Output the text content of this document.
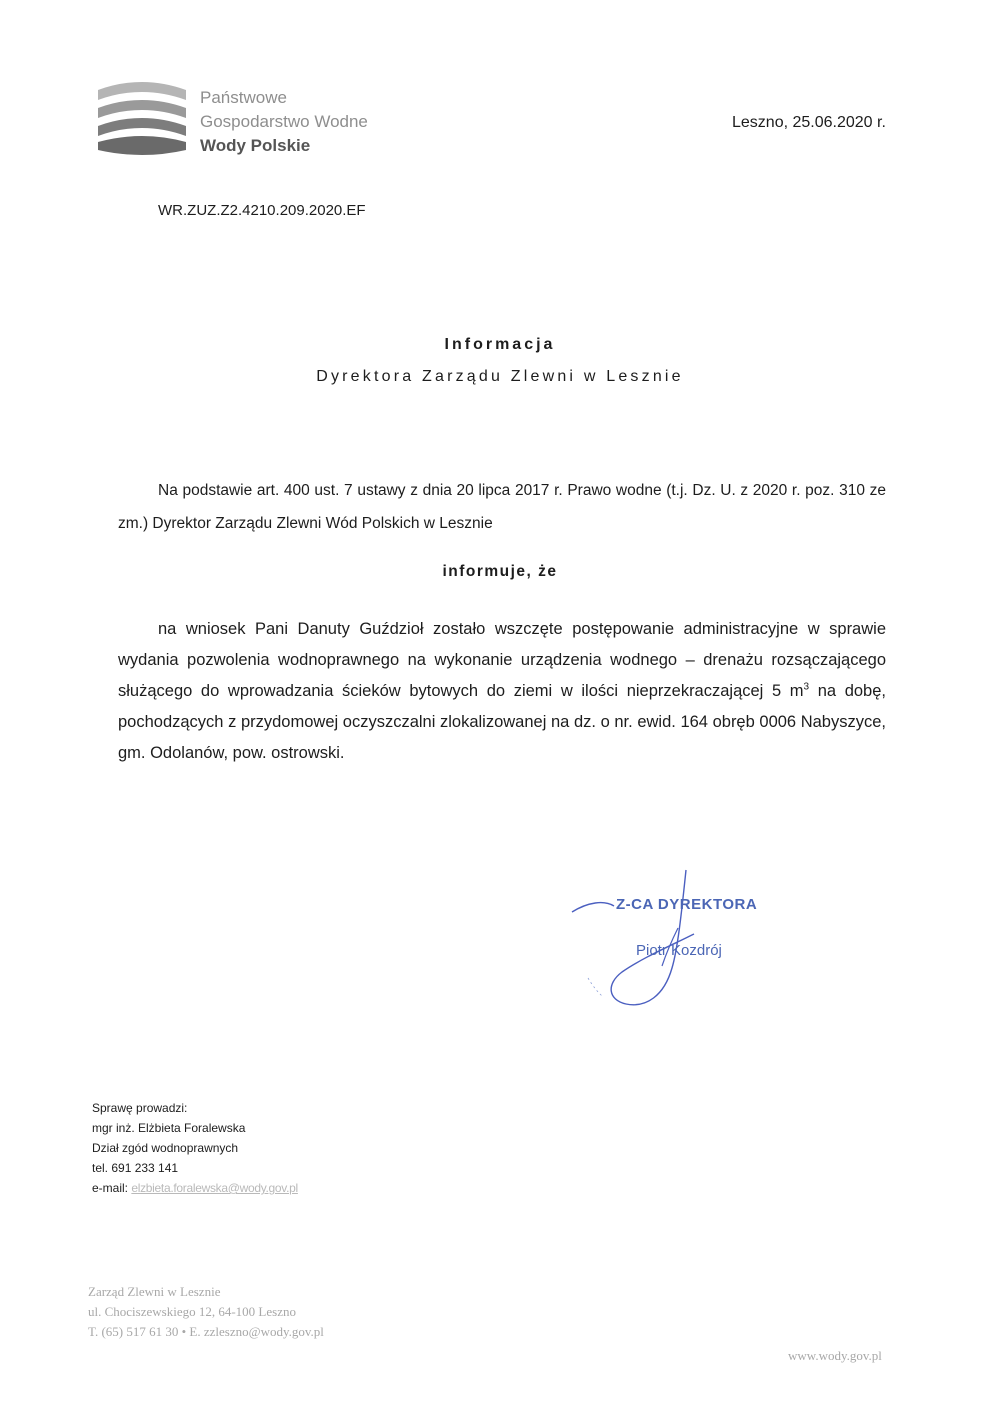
Państwowe
Gospodarstwo Wodne
Wody Polskie
Leszno, 25.06.2020 r.
WR.ZUZ.Z2.4210.209.2020.EF
Informacja
Dyrektora Zarządu Zlewni w Lesznie
Na podstawie art. 400 ust. 7 ustawy z dnia 20 lipca 2017 r. Prawo wodne (t.j. Dz. U. z 2020 r. poz. 310 ze zm.) Dyrektor Zarządu Zlewni Wód Polskich w Lesznie
informuje, że
na wniosek Pani Danuty Guździoł zostało wszczęte postępowanie administracyjne w sprawie wydania pozwolenia wodnoprawnego na wykonanie urządzenia wodnego – drenażu rozsączającego służącego do wprowadzania ścieków bytowych do ziemi w ilości nieprzekraczającej 5 $m^3$ na dobę, pochodzących z przydomowej oczyszczalni zlokalizowanej na dz. o nr. ewid. 164 obręb 0006 Nabyszyce, gm. Odolanów, pow. ostrowski.
Z-CA DYREKTORA
Piotr Kozdrój
Sprawę prowadzi:
mgr inż. Elżbieta Foralewska
Dział zgód wodnoprawnych
tel. 691 233 141
e-mail: elzbieta.foralewska@wody.gov.pl
Zarząd Zlewni w Lesznie
ul. Chociszewskiego 12, 64-100 Leszno
T. (65) 517 61 30 • E. zzleszno@wody.gov.pl
www.wody.gov.pl
